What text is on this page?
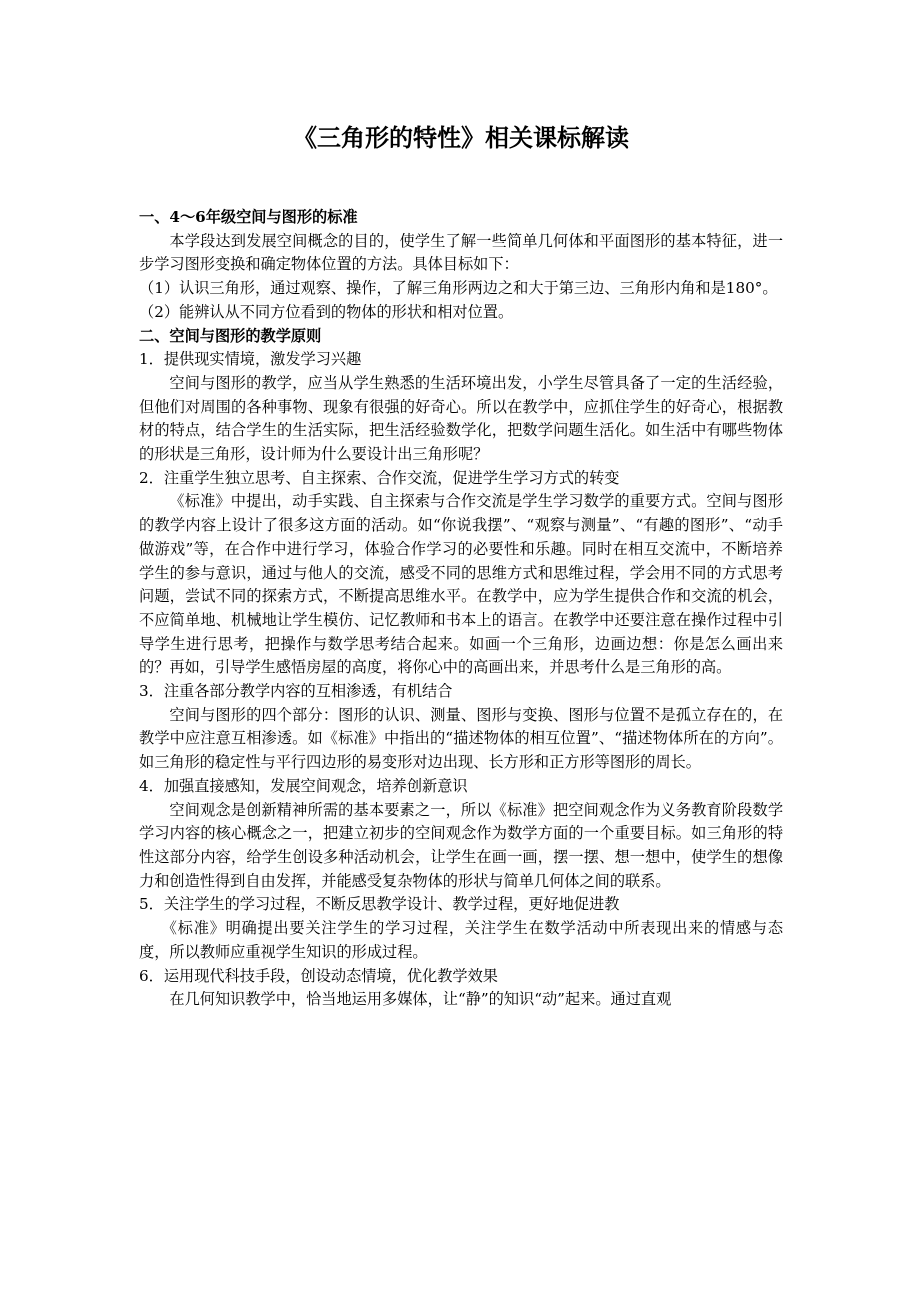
《三角形的特性》相关课标解读

一、4～6年级空间与图形的标准

本学段达到发展空间概念的目的，使学生了解一些简单几何体和平面图形的基本特征，进一步学习图形变换和确定物体位置的方法。具体目标如下：

（1）认识三角形，通过观察、操作，了解三角形两边之和大于第三边、三角形内角和是180°。

（2）能辨认从不同方位看到的物体的形状和相对位置。

二、空间与图形的教学原则

1．提供现实情境，激发学习兴趣

空间与图形的教学，应当从学生熟悉的生活环境出发，小学生尽管具备了一定的生活经验，但他们对周围的各种事物、现象有很强的好奇心。所以在教学中，应抓住学生的好奇心，根据教材的特点，结合学生的生活实际，把生活经验数学化，把数学问题生活化。如生活中有哪些物体的形状是三角形，设计师为什么要设计出三角形呢？

2．注重学生独立思考、自主探索、合作交流，促进学生学习方式的转变

《标准》中提出，动手实践、自主探索与合作交流是学生学习数学的重要方式。空间与图形的教学内容上设计了很多这方面的活动。如“你说我摆”、“观察与测量”、“有趣的图形”、“动手做游戏”等，在合作中进行学习，体验合作学习的必要性和乐趣。同时在相互交流中，不断培养学生的参与意识，通过与他人的交流，感受不同的思维方式和思维过程，学会用不同的方式思考问题，尝试不同的探索方式，不断提高思维水平。在教学中，应为学生提供合作和交流的机会，不应简单地、机械地让学生模仿、记忆教师和书本上的语言。在教学中还要注意在操作过程中引导学生进行思考，把操作与数学思考结合起来。如画一个三角形，边画边想：你是怎么画出来的？再如，引导学生感悟房屋的高度，将你心中的高画出来，并思考什么是三角形的高。

3．注重各部分教学内容的互相渗透，有机结合

空间与图形的四个部分：图形的认识、测量、图形与变换、图形与位置不是孤立存在的，在教学中应注意互相渗透。如《标准》中指出的“描述物体的相互位置”、“描述物体所在的方向”。如三角形的稳定性与平行四边形的易变形对边出现、长方形和正方形等图形的周长。

4．加强直接感知，发展空间观念，培养创新意识

空间观念是创新精神所需的基本要素之一，所以《标准》把空间观念作为义务教育阶段数学学习内容的核心概念之一，把建立初步的空间观念作为数学方面的一个重要目标。如三角形的特性这部分内容，给学生创设多种活动机会，让学生在画一画，摆一摆、想一想中，使学生的想像力和创造性得到自由发挥，并能感受复杂物体的形状与简单几何体之间的联系。

5．关注学生的学习过程，不断反思教学设计、教学过程，更好地促进教

《标准》明确提出要关注学生的学习过程，关注学生在数学活动中所表现出来的情感与态度，所以教师应重视学生知识的形成过程。

6．运用现代科技手段，创设动态情境，优化教学效果

在几何知识教学中，恰当地运用多媒体，让“静”的知识“动”起来。通过直观
